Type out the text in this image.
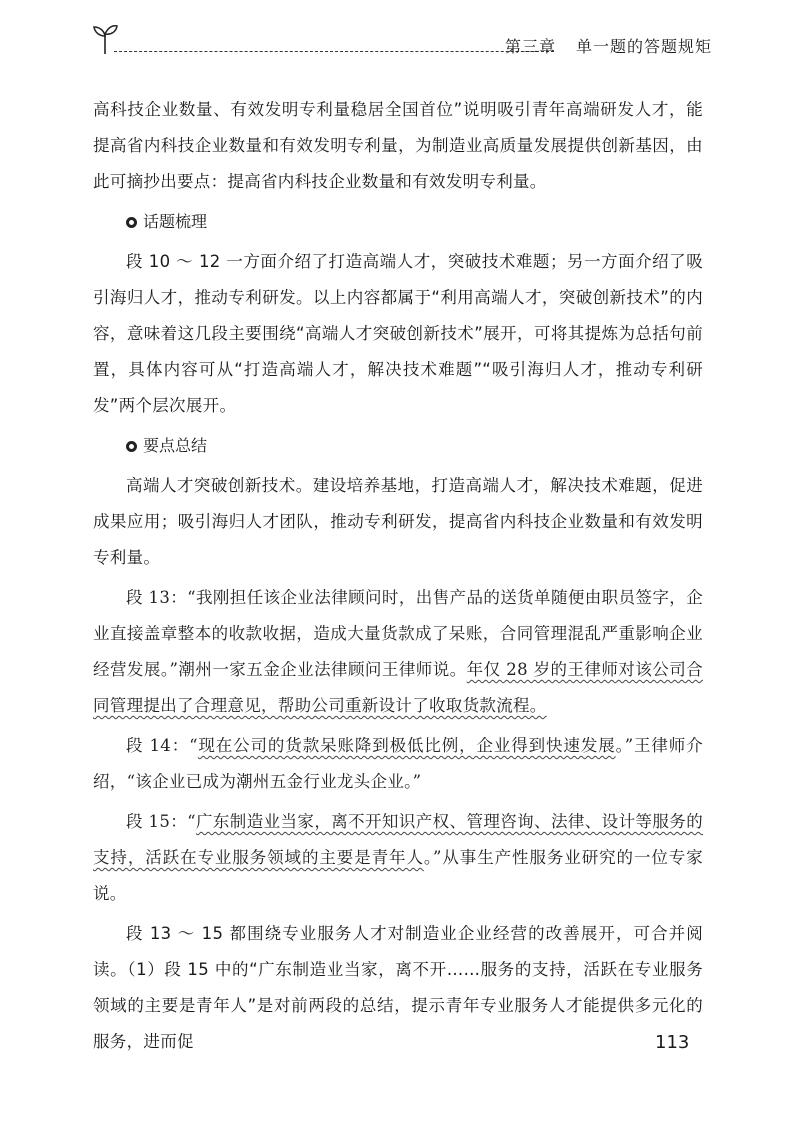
第三章 单一题的答题规矩

高科技企业数量、有效发明专利量稳居全国首位”说明吸引青年高端研发人才，能提高省内科技企业数量和有效发明专利量，为制造业高质量发展提供创新基因，由此可摘抄出要点：提高省内科技企业数量和有效发明专利量。

话题梳理

段 10 ～ 12 一方面介绍了打造高端人才，突破技术难题；另一方面介绍了吸引海归人才，推动专利研发。以上内容都属于“利用高端人才，突破创新技术”的内容，意味着这几段主要围绕“高端人才突破创新技术”展开，可将其提炼为总括句前置，具体内容可从“打造高端人才，解决技术难题”“吸引海归人才，推动专利研发”两个层次展开。

要点总结

高端人才突破创新技术。建设培养基地，打造高端人才，解决技术难题，促进成果应用；吸引海归人才团队，推动专利研发，提高省内科技企业数量和有效发明专利量。

段 13：“我刚担任该企业法律顾问时，出售产品的送货单随便由职员签字，企业直接盖章整本的收款收据，造成大量货款成了呆账，合同管理混乱严重影响企业经营发展。”潮州一家五金企业法律顾问王律师说。年仅 28 岁的王律师对该公司合同管理提出了合理意见，帮助公司重新设计了收取货款流程。

段 14：“现在公司的货款呆账降到极低比例，企业得到快速发展。”王律师介绍，“该企业已成为潮州五金行业龙头企业。”

段 15：“广东制造业当家，离不开知识产权、管理咨询、法律、设计等服务的支持，活跃在专业服务领域的主要是青年人。”从事生产性服务业研究的一位专家说。

段 13 ～ 15 都围绕专业服务人才对制造业企业经营的改善展开，可合并阅读。（1）段 15 中的“广东制造业当家，离不开……服务的支持，活跃在专业服务领域的主要是青年人”是对前两段的总结，提示青年专业服务人才能提供多元化的服务，进而促	113
